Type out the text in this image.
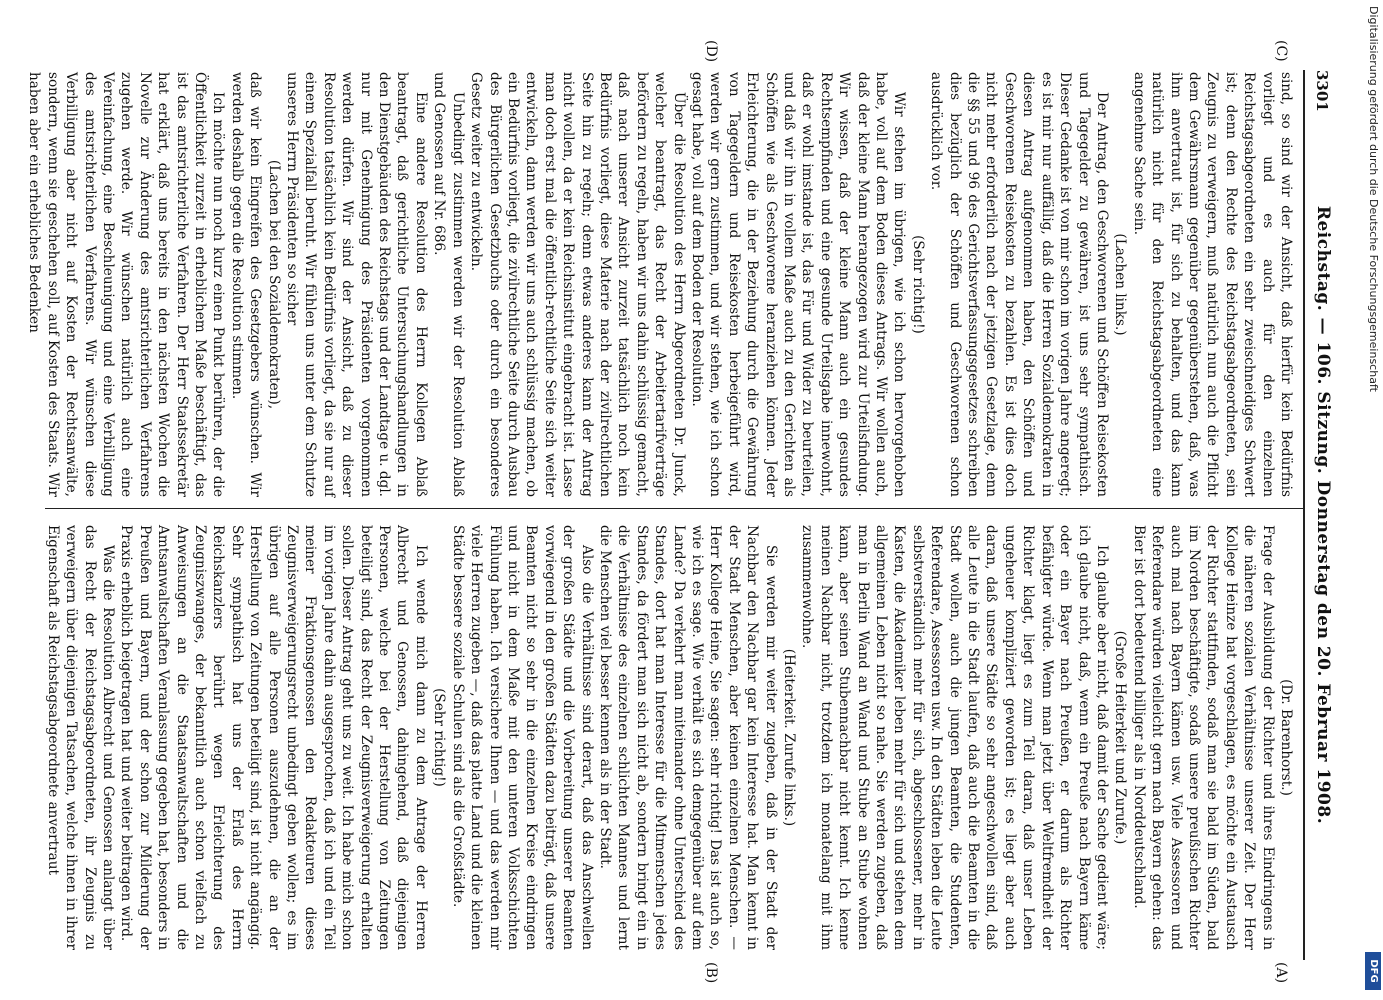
3301
Reichstag. — 106. Sitzung. Donnerstag den 20. Februar 1908.
(A)
(B)
(C)
(D)

(Dr. Barenhorst.)

Frage der Ausbildung der Richter und ihres Eindringens in die näheren sozialen Verhältnisse unserer Zeit. Der Herr Kollege Heinze hat vorgeschlagen, es möchte ein Austausch der Richter stattfinden, sodaß man sie bald im Süden, bald im Norden beschäftigte, sodaß unsere preußischen Richter auch mal nach Bayern kämen usw. Viele Assessoren und Referendare würden vielleicht gern nach Bayern gehen: das Bier ist dort bedeutend billiger als in Norddeutschland.

(Große Heiterkeit und Zurufe.)

Ich glaube aber nicht, daß damit der Sache gedient wäre; ich glaube nicht, daß, wenn ein Preuße nach Bayern käme oder ein Bayer nach Preußen, er darum als Richter befähigter würde. Wenn man jetzt über Weltfremdheit der Richter klagt, liegt es zum Teil daran, daß unser Leben ungeheuer kompliziert geworden ist; es liegt aber auch daran, daß unsere Städte so sehr angeschwollen sind, daß alle Leute in die Stadt laufen, daß auch die Beamten in die Stadt wollen, auch die jungen Beamten, die Studenten, Referendare, Assessoren usw. In den Städten leben die Leute selbstverständlich mehr für sich, abgeschlossener, mehr in Kasten, die Akademiker leben mehr für sich und stehen dem allgemeinen Leben nicht so nahe. Sie werden zugeben, daß man in Berlin Wand an Wand und Stube an Stube wohnen kann, aber seinen Stubennachbar nicht kennt. Ich kenne meinen Nachbar nicht, trotzdem ich monatelang mit ihm zusammenwohne.

(Heiterkeit. Zurufe links.)

Sie werden mir weiter zugeben, daß in der Stadt der Nachbar den Nachbar gar kein Interesse hat. Man kennt in der Stadt Menschen, aber keinen einzelnen Menschen. — Herr Kollege Heine, Sie sagen: sehr richtig! Das ist auch so, wie ich es sage. Wie verhält es sich demgegenüber auf dem Lande? Da verkehrt man miteinander ohne Unterschied des Standes, dort hat man Interesse für die Mitmenschen jedes Standes, da fördert man sich nicht ab, sondern bringt ein in die Verhältnisse des einzelnen schlichten Mannes und lernt die Menschen viel besser kennen als in der Stadt.

Also die Verhältnisse sind derart, daß das Anschwellen der großen Städte und die Vorbereitung unserer Beamten vorwiegend in den großen Städten dazu beiträgt, daß unsere Beamten nicht so sehr in die einzelnen Kreise eindringen und nicht in dem Maße mit den unteren Volksschichten Fühlung haben. Ich versichere Ihnen — und das werden mir viele Herren zugeben —, daß das platte Land und die kleinen Städte bessere soziale Schulen sind als die Großstädte.

(Sehr richtig!)

Ich wende mich dann zu dem Antrage der Herren Albrecht und Genossen, dahingehend, daß diejenigen Personen, welche bei der Herstellung von Zeitungen beteiligt sind, das Recht der Zeugnisverweigerung erhalten sollen. Dieser Antrag geht uns zu weit. Ich habe mich schon im vorigen Jahre dahin ausgesprochen, daß ich und ein Teil meiner Fraktionsgenossen den Redakteuren dieses Zeugnisverweigerungsrecht unbedingt geben wollen; es im übrigen auf alle Personen auszudehnen, die an der Herstellung von Zeitungen beteiligt sind, ist nicht angängig. Sehr sympathisch hat uns der Erlaß des Herrn Reichskanzlers berührt wegen Erleichterung des Zeugniszwanges, der bekanntlich auch schon vielfach zu Anweisungen an die Staatsanwaltschaften und die Amtsanwaltschaften Veranlassung gegeben hat, besonders in Preußen und Bayern, und der schon zur Milderung der Praxis erheblich beigetragen hat und weiter beitragen wird.

Was die Resolution Albrecht und Genossen anlangt über das Recht der Reichstagsabgeordneten, ihr Zeugnis zu verweigern über diejenigen Tatsachen, welche ihnen in ihrer Eigenschaft als Reichstagsabgeordnete anvertraut

sind, so sind wir der Ansicht, daß hierfür kein Bedürfnis vorliegt und es auch für den einzelnen Reichstagsabgeordneten ein sehr zweischneidiges Schwert ist; denn den Rechte des Reichstagsabgeordneten, sein Zeugnis zu verweigern, muß natürlich nun auch die Pflicht dem Gewährsmann gegenüber gegenüberstehen, daß, was ihm anvertraut ist, für sich zu behalten, und das kann natürlich nicht für den Reichstagsabgeordneten eine angenehme Sache sein.

(Lachen links.)

Der Antrag, den Geschworenen und Schöffen Reisekosten und Tagegelder zu gewähren, ist uns sehr sympathisch. Dieser Gedanke ist von mir schon im vorigen Jahre angeregt; es ist mir nur auffällig, daß die Herren Sozialdemokraten in diesen Antrag aufgenommen haben, den Schöffen und Geschworenen Reisekosten zu bezahlen. Es ist dies doch nicht mehr erforderlich nach der jetzigen Gesetzlage, denn die §§ 55 und 96 des Gerichtsverfassungsgesetzes schreiben dies bezüglich der Schöffen und Geschworenen schon ausdrücklich vor.

(Sehr richtig!)

Wir stehen im übrigen, wie ich schon hervorgehoben habe, voll auf dem Boden dieses Antrags. Wir wollen auch, daß der kleine Mann herangezogen wird zur Urteilsfindung. Wir wissen, daß der kleine Mann auch ein gesundes Rechtsempfinden und eine gesunde Urteilsgabe innewohnt, daß er wohl imstande ist, das Für und Wider zu beurteilen, und daß wir ihn in vollem Maße auch zu den Gerichten als Schöffen wie als Geschworene heranziehen können. Jeder Erleichterung, die in der Beziehung durch die Gewährung von Tagegeldern und Reisekosten herbeigeführt wird, werden wir gern zustimmen, und wir stehen, wie ich schon gesagt habe, voll auf dem Boden der Resolution.

Über die Resolution des Herrn Abgeordneten Dr. Junck, welcher beantragt, das Recht der Arbeitertarifverträge befördern zu regeln, haben wir uns dahin schlüssig gemacht, daß nach unserer Ansicht zurzeit tatsächlich noch kein Bedürfnis vorliegt, diese Materie nach der zivilrechtlichen Seite hin zu regeln; denn etwas anderes kann der Antrag nicht wollen, da er kein Reichsinstitut eingebracht ist. Lasse man doch erst mal die öffentlich-rechtliche Seite sich weiter entwickeln, dann werden wir uns auch schlüssig machen, ob ein Bedürfnis vorliegt, die zivilrechtliche Seite durch Ausbau des Bürgerlichen Gesetzbuchs oder durch ein besonderes Gesetz weiter zu entwickeln.

Unbedingt zustimmen werden wir der Resolution Ablaß und Genossen auf Nr. 686.

Eine andere Resolution des Herrn Kollegen Ablaß beantragt, daß gerichtliche Untersuchungshandlungen in den Dienstgebäuden des Reichstags und der Landtage u. dgl. nur mit Genehmigung des Präsidenten vorgenommen werden dürfen. Wir sind der Ansicht, daß zu dieser Resolution tatsächlich kein Bedürfnis vorliegt, da sie nur auf einem Spezialfall beruht. Wir fühlen uns unter dem Schutze unseres Herrn Präsidenten so sicher

(Lachen bei den Sozialdemokraten),

daß wir kein Eingreifen des Gesetzgebers wünschen. Wir werden deshalb gegen die Resolution stimmen.

Ich möchte nun noch kurz einen Punkt berühren, der die Öffentlichkeit zurzeit in erheblichem Maße beschäftigt, das ist das amtsrichterliche Verfahren. Der Herr Staatssekretär hat erklärt, daß uns bereits in den nächsten Wochen die Novelle zur Änderung des amtsrichterlichen Verfahrens zugehen werde. Wir wünschen natürlich auch eine Vereinfachung, eine Beschleunigung und eine Verbilligung des amtsrichterlichen Verfahrens. Wir wünschen diese Verbilligung aber nicht auf Kosten der Rechtsanwälte, sondern, wenn sie geschehen soll, auf Kosten des Staats. Wir haben aber ein erhebliches Bedenken	Digitalisierung gefördert durch die Deutsche Forschungsgemeinschaft
DFG
